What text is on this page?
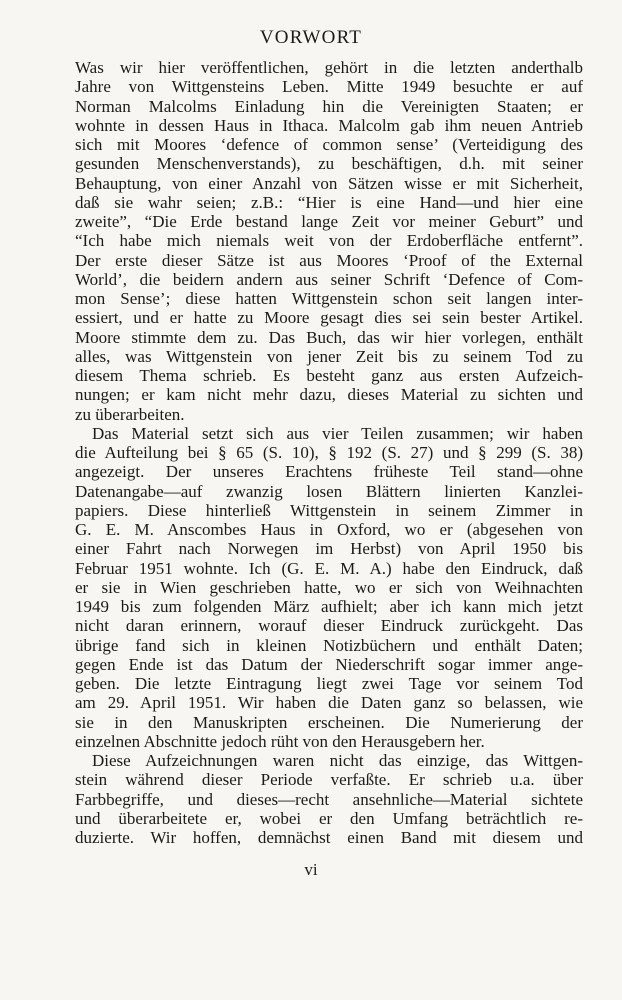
VORWORT
Was wir hier veröffentlichen, gehört in die letzten anderthalb
Jahre von Wittgensteins Leben. Mitte 1949 besuchte er auf
Norman Malcolms Einladung hin die Vereinigten Staaten; er
wohnte in dessen Haus in Ithaca. Malcolm gab ihm neuen Antrieb
sich mit Moores ‘defence of common sense’ (Verteidigung des
gesunden Menschenverstands), zu beschäftigen, d.h. mit seiner
Behauptung, von einer Anzahl von Sätzen wisse er mit Sicherheit,
daß sie wahr seien; z.B.: “Hier is eine Hand—und hier eine
zweite”, “Die Erde bestand lange Zeit vor meiner Geburt” und
“Ich habe mich niemals weit von der Erdoberfläche entfernt”.
Der erste dieser Sätze ist aus Moores ‘Proof of the External
World’, die beidern andern aus seiner Schrift ‘Defence of Com-
mon Sense’; diese hatten Wittgenstein schon seit langen inter-
essiert, und er hatte zu Moore gesagt dies sei sein bester Artikel.
Moore stimmte dem zu. Das Buch, das wir hier vorlegen, enthält
alles, was Wittgenstein von jener Zeit bis zu seinem Tod zu
diesem Thema schrieb. Es besteht ganz aus ersten Aufzeich-
nungen; er kam nicht mehr dazu, dieses Material zu sichten und
zu überarbeiten.
Das Material setzt sich aus vier Teilen zusammen; wir haben
die Aufteilung bei § 65 (S. 10), § 192 (S. 27) und § 299 (S. 38)
angezeigt. Der unseres Erachtens früheste Teil stand—ohne
Datenangabe—auf zwanzig losen Blättern linierten Kanzlei-
papiers. Diese hinterließ Wittgenstein in seinem Zimmer in
G. E. M. Anscombes Haus in Oxford, wo er (abgesehen von
einer Fahrt nach Norwegen im Herbst) von April 1950 bis
Februar 1951 wohnte. Ich (G. E. M. A.) habe den Eindruck, daß
er sie in Wien geschrieben hatte, wo er sich von Weihnachten
1949 bis zum folgenden März aufhielt; aber ich kann mich jetzt
nicht daran erinnern, worauf dieser Eindruck zurückgeht. Das
übrige fand sich in kleinen Notizbüchern und enthält Daten;
gegen Ende ist das Datum der Niederschrift sogar immer ange-
geben. Die letzte Eintragung liegt zwei Tage vor seinem Tod
am 29. April 1951. Wir haben die Daten ganz so belassen, wie
sie in den Manuskripten erscheinen. Die Numerierung der
einzelnen Abschnitte jedoch rüht von den Herausgebern her.
Diese Aufzeichnungen waren nicht das einzige, das Wittgen-
stein während dieser Periode verfaßte. Er schrieb u.a. über
Farbbegriffe, und dieses—recht ansehnliche—Material sichtete
und überarbeitete er, wobei er den Umfang beträchtlich re-
duzierte. Wir hoffen, demnächst einen Band mit diesem und
vi
